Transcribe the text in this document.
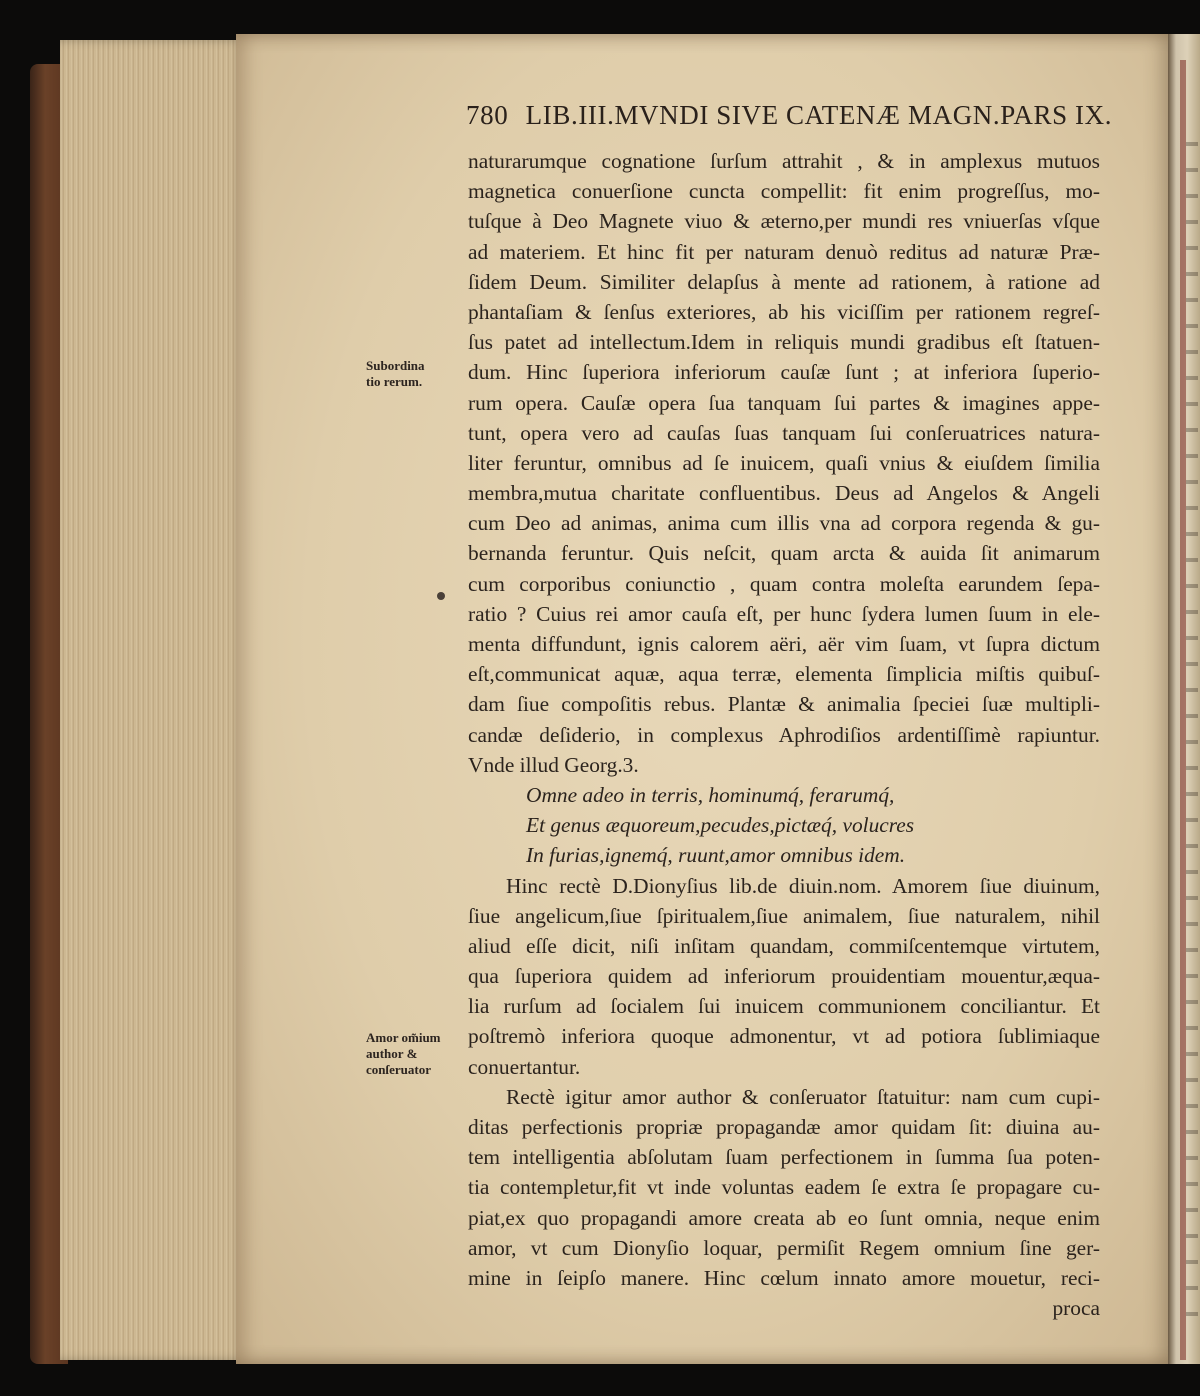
780 LIB.III.MVNDI SIVE CATENÆ MAGN.PARS IX.
Subordina
tio rerum.
Amor om̃ium
author &
conſeruator
naturarumque cognatione ſurſum attrahit , & in amplexus mutuos
magnetica conuerſione cuncta compellit: fit enim progreſſus, mo-
tuſque à Deo Magnete viuo & æterno,per mundi res vniuerſas vſque
ad materiem. Et hinc fit per naturam denuò reditus ad naturæ Præ-
ſidem Deum. Similiter delapſus à mente ad rationem, à ratione ad
phantaſiam & ſenſus exteriores, ab his viciſſim per rationem regreſ-
ſus patet ad intellectum.Idem in reliquis mundi gradibus eſt ſtatuen-
dum. Hinc ſuperiora inferiorum cauſæ ſunt ; at inferiora ſuperio-
rum opera. Cauſæ opera ſua tanquam ſui partes & imagines appe-
tunt, opera vero ad cauſas ſuas tanquam ſui conſeruatrices natura-
liter feruntur, omnibus ad ſe inuicem, quaſi vnius & eiuſdem ſimilia
membra,mutua charitate confluentibus. Deus ad Angelos & Angeli
cum Deo ad animas, anima cum illis vna ad corpora regenda & gu-
bernanda feruntur. Quis neſcit, quam arcta & auida ſit animarum
cum corporibus coniunctio , quam contra moleſta earundem ſepa-
ratio ? Cuius rei amor cauſa eſt, per hunc ſydera lumen ſuum in ele-
menta diffundunt, ignis calorem aëri, aër vim ſuam, vt ſupra dictum
eſt,communicat aquæ, aqua terræ, elementa ſimplicia miſtis quibuſ-
dam ſiue compoſitis rebus. Plantæ & animalia ſpeciei ſuæ multipli-
candæ deſiderio, in complexus Aphrodiſios ardentiſſimè rapiuntur.
Vnde illud Georg.3.
Omne adeo in terris, hominumq́, ferarumq́,
Et genus æquoreum,pecudes,pictæq́, volucres
In furias,ignemq́, ruunt,amor omnibus idem.
Hinc rectè D.Dionyſius lib.de diuin.nom. Amorem ſiue diuinum,
ſiue angelicum,ſiue ſpiritualem,ſiue animalem, ſiue naturalem, nihil
aliud eſſe dicit, niſi inſitam quandam, commiſcentemque virtutem,
qua ſuperiora quidem ad inferiorum prouidentiam mouentur,æqua-
lia rurſum ad ſocialem ſui inuicem communionem conciliantur. Et
poſtremò inferiora quoque admonentur, vt ad potiora ſublimiaque
conuertantur.
Rectè igitur amor author & conſeruator ſtatuitur: nam cum cupi-
ditas perfectionis propriæ propagandæ amor quidam ſit: diuina au-
tem intelligentia abſolutam ſuam perfectionem in ſumma ſua poten-
tia contempletur,fit vt inde voluntas eadem ſe extra ſe propagare cu-
piat,ex quo propagandi amore creata ab eo ſunt omnia, neque enim
amor, vt cum Dionyſio loquar, permiſit Regem omnium ſine ger-
mine in ſeipſo manere. Hinc cœlum innato amore mouetur, reci-
proca
